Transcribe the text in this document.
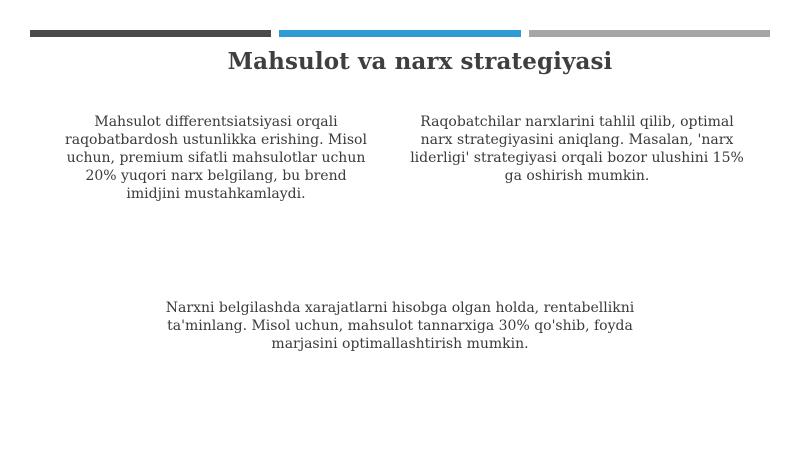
Mahsulot va narx strategiyasi
Mahsulot differentsiatsiyasi orqali raqobatbardosh ustunlikka erishing. Misol uchun, premium sifatli mahsulotlar uchun 20% yuqori narx belgilang, bu brend imidjini mustahkamlaydi.
Raqobatchilar narxlarini tahlil qilib, optimal narx strategiyasini aniqlang. Masalan, 'narx liderligi' strategiyasi orqali bozor ulushini 15% ga oshirish mumkin.
Narxni belgilashda xarajatlarni hisobga olgan holda, rentabellikni ta'minlang. Misol uchun, mahsulot tannarxiga 30% qo'shib, foyda marjasini optimallashtirish mumkin.
